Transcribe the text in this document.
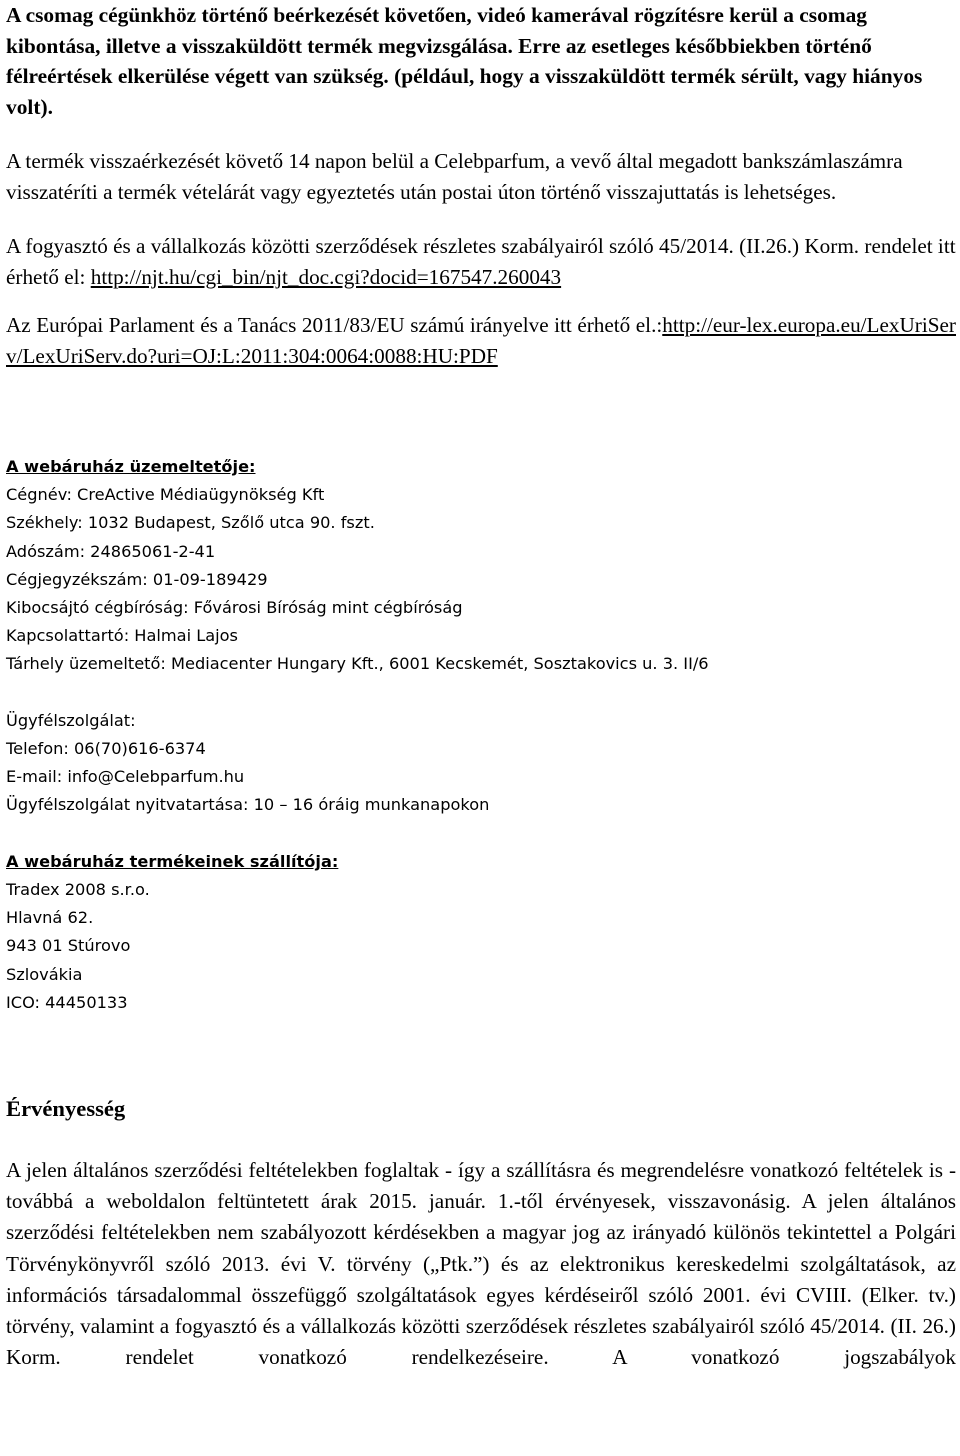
A csomag cégünkhöz történő beérkezését követően, videó kamerával rögzítésre kerül a csomag kibontása, illetve a visszaküldött termék megvizsgálása. Erre az esetleges későbbiekben történő félreértések elkerülése végett van szükség. (például, hogy a visszaküldött termék sérült, vagy hiányos volt).

A termék visszaérkezését követő 14 napon belül a Celebparfum, a vevő által megadott bankszámlaszámra visszatéríti a termék vételárát vagy egyeztetés után postai úton történő visszajuttatás is lehetséges.

A fogyasztó és a vállalkozás közötti szerződések részletes szabályairól szóló 45/2014. (II.26.) Korm. rendelet itt érhető el: http://njt.hu/cgi_bin/njt_doc.cgi?docid=167547.260043

Az Európai Parlament és a Tanács 2011/83/EU számú irányelve itt érhető el.:http://eur-lex.europa.eu/LexUriServ/LexUriServ.do?uri=OJ:L:2011:304:0064:0088:HU:PDF

A webáruház üzemeltetője:
Cégnév: CreActive Médiaügynökség Kft
Székhely: 1032 Budapest, Szőlő utca 90. fszt.
Adószám: 24865061-2-41
Cégjegyzékszám: 01-09-189429
Kibocsájtó cégbíróság: Fővárosi Bíróság mint cégbíróság
Kapcsolattartó: Halmai Lajos
Tárhely üzemeltető: Mediacenter Hungary Kft., 6001 Kecskemét, Sosztakovics u. 3. II/6
Ügyfélszolgálat:
Telefon: 06(70)616-6374
E-mail: info@Celebparfum.hu
Ügyfélszolgálat nyitvatartása: 10 – 16 óráig munkanapokon
A webáruház termékeinek szállítója:
Tradex 2008 s.r.o.
Hlavná 62.
943 01 Stúrovo
Szlovákia
ICO: 44450133
Érvényesség

A jelen általános szerződési feltételekben foglaltak - így a szállításra és megrendelésre vonatkozó feltételek is - továbbá a weboldalon feltüntetett árak 2015. január. 1.-től érvényesek, visszavonásig. A jelen általános szerződési feltételekben nem szabályozott kérdésekben a magyar jog az irányadó különös tekintettel a Polgári Törvénykönyvről szóló 2013. évi V. törvény („Ptk.”) és az elektronikus kereskedelmi szolgáltatások, az információs társadalommal összefüggő szolgáltatások egyes kérdéseiről szóló 2001. évi CVIII. (Elker. tv.) törvény, valamint a fogyasztó és a vállalkozás közötti szerződések részletes szabályairól szóló 45/2014. (II. 26.) Korm. rendelet vonatkozó rendelkezéseire. A vonatkozó jogszabályok
